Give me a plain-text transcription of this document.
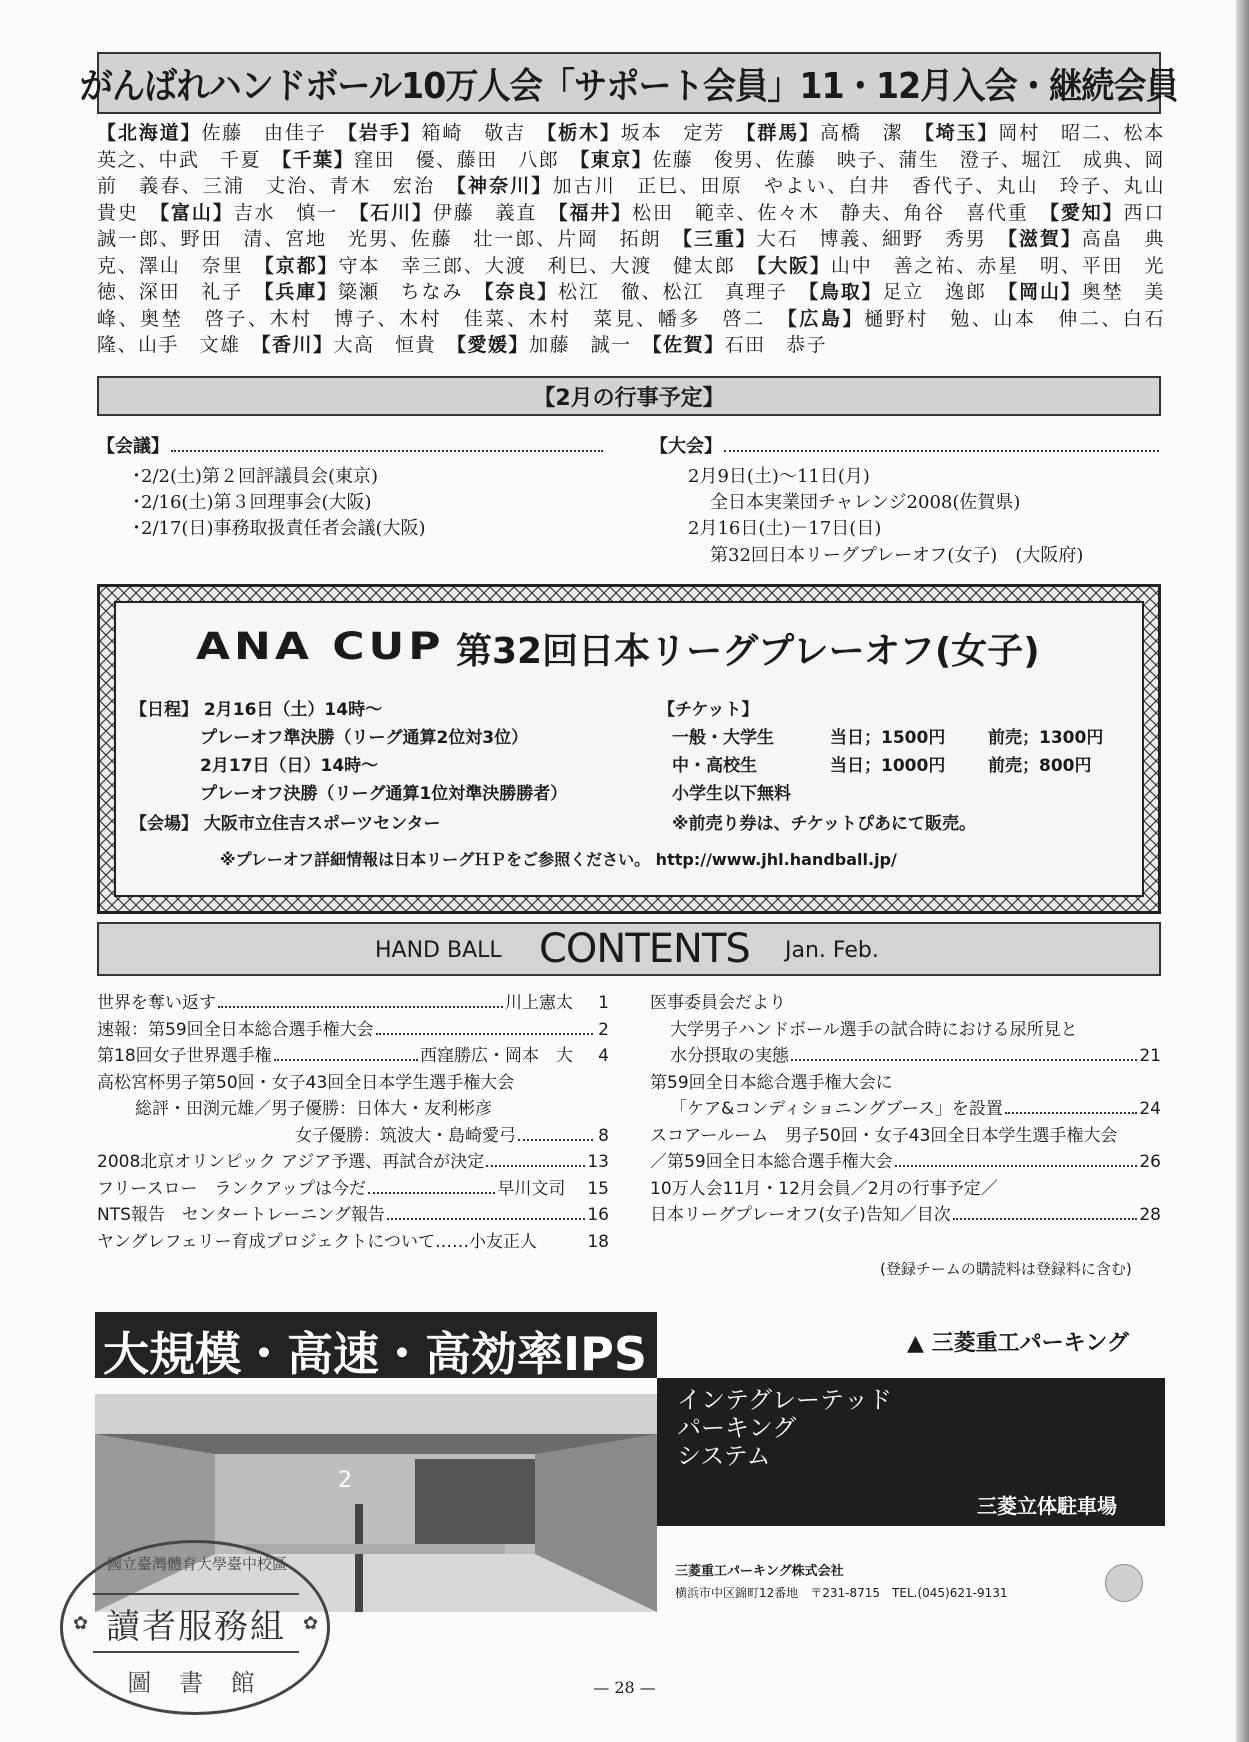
がんばれハンドボール10万人会「サポート会員」11・12月入会・継続会員
【北海道】佐藤　由佳子　【岩手】箱崎　敬吉　【栃木】坂本　定芳　【群馬】高橋　潔　【埼玉】岡村　昭二、松本　英之、中武　千夏　【千葉】窪田　優、藤田　八郎　【東京】佐藤　俊男、佐藤　映子、蒲生　澄子、堀江　成典、岡前　義春、三浦　丈治、青木　宏治　【神奈川】加古川　正巳、田原　やよい、白井　香代子、丸山　玲子、丸山　貴史　【富山】吉水　慎一　【石川】伊藤　義直　【福井】松田　範幸、佐々木　静夫、角谷　喜代重　【愛知】西口　誠一郎、野田　清、宮地　光男、佐藤　壮一郎、片岡　拓朗　【三重】大石　博義、細野　秀男　【滋賀】高畠　典克、澤山　奈里　【京都】守本　幸三郎、大渡　利巳、大渡　健太郎　【大阪】山中　善之祐、赤星　明、平田　光徳、深田　礼子　【兵庫】簗瀬　ちなみ　【奈良】松江　徹、松江　真理子　【鳥取】足立　逸郎　【岡山】奥埜　美峰、奥埜　啓子、木村　博子、木村　佳菜、木村　菜見、幡多　啓二　【広島】樋野村　勉、山本　伸二、白石　隆、山手　文雄　【香川】大高　恒貴　【愛媛】加藤　誠一　【佐賀】石田　恭子
【2月の行事予定】
【会議】
･2/2(土)第２回評議員会(東京)
･2/16(土)第３回理事会(大阪)
･2/17(日)事務取扱責任者会議(大阪)
【大会】
2月9日(土)～11日(月)
全日本実業団チャレンジ2008(佐賀県)
2月16日(土)－17日(日)
第32回日本リーグプレーオフ(女子)　(大阪府)
ANA CUP 第32回日本リーグプレーオフ(女子)
【日程】 2月16日（土）14時～
プレーオフ準決勝（リーグ通算2位対3位）
2月17日（日）14時～
プレーオフ決勝（リーグ通算1位対準決勝勝者）
【会場】 大阪市立住吉スポーツセンター
【チケット】
一般・大学生	当日；1500円	前売；1300円
中・高校生	当日；1000円	前売；800円
小学生以下無料
※前売り券は、チケットぴあにて販売。
※プレーオフ詳細情報は日本リーグＨＰをご参照ください。 http://www.jhl.handball.jp/
HAND BALL CONTENTS Jan. Feb.
世界を奪い返す	川上憲太 1
速報：第59回全日本総合選手権大会	2
第18回女子世界選手権	西窪勝広・岡本　大 4
高松宮杯男子第50回・女子43回全日本学生選手権大会
総評・田渕元雄／男子優勝：日体大・友利彬彦
女子優勝：筑波大・島崎愛弓	8
2008北京オリンピック アジア予選、再試合が決定	13
フリースロー　ランクアップは今だ	早川文司 15
NTS報告　センタートレーニング報告	16
ヤングレフェリー育成プロジェクトについて……小友正人	18
医事委員会だより
大学男子ハンドボール選手の試合時における尿所見と
水分摂取の実態	21
第59回全日本総合選手権大会に
「ケア&コンディショニングブース」を設置	24
スコアールーム　男子50回・女子43回全日本学生選手権大会
／第59回全日本総合選手権大会	26
10万人会11月・12月会員／2月の行事予定／
日本リーグプレーオフ(女子)告知／目次	28
(登録チームの購読料は登録料に含む)
大規模・高速・高効率IPS	▲ 三菱重工パーキング
2
インテグレーテッド
パーキング
システム
三菱立体駐車場
三菱重工パーキング株式会社
横浜市中区錦町12番地　〒231-8715　TEL.(045)621-9131
國立臺灣體育大學臺中校區
讀者服務組
圖 書 館
✿	✿
— 28 —
